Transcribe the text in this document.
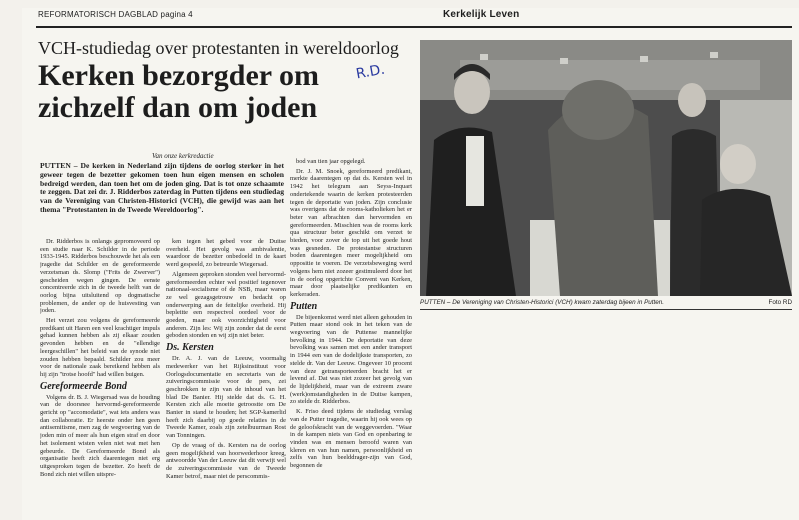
REFORMATORISCH DAGBLAD pagina 4	Kerkelijk Leven
VCH-studiedag over protestanten in wereldoorlog
Kerken bezorgder om
zichzelf dan om joden
R.D.
Van onze kerkredactie
PUTTEN – De kerken in Nederland zijn tijdens de oorlog sterker in het geweer tegen de bezetter gekomen toen hun eigen mensen en scholen bedreigd werden, dan toen het om de joden ging. Dat is tot onze schaamte te zeggen. Dat zei dr. J. Ridderbos zaterdag in Putten tijdens een studiedag van de Vereniging van Christen-Historici (VCH), die gewijd was aan het thema "Protestanten in de Tweede Wereldoorlog".

Dr. Ridderbos is onlangs gepromoveerd op een studie naar K. Schilder in de periode 1933-1945. Ridderbos beschouwde het als een jragedie dat Schilder en de gereformeerde verzetsman ds. Slomp ("Frits de Zwerver") gescheiden wegen gingen. De eenste concentreerde zich in de tweede helft van de oorlog bijna uitsluitend op dogmatische problemen, de ander op de huisvesting van joden.

Het verzet zou volgens de gereformeerde predikant uit Haren een veel krachtiger impuls gehad kunnen hebben als zij elkaar zouden gevonden hebben en de "ellendige leergeschillen" het beleid van de synode niet zouden hebben bepaald. Schilder zou meer voor de nationale zaak bereikend hebben als hij zijn "trotse hoofd" had willen buigen.

Gereformeerde Bond

Volgens dr. B. J. Wiegersad was de houding van de doorsnee hervormd-gereformeerde gericht op "accomodatie", wat iets anders was dan collaboratie. Er heerste onder hen geen antisemitisme, men zag de wegvoering van de joden min of meer als hun eigen straf en door het isolement wisten velen niet wat met hen gebeurde. De Gereformeerde Bond als organisatie heeft zich daarentegen niet erg uitgesproken tegen de bezetter. Zo heeft de Bond zich niet willen uitspre-

ken tegen het gebed voor de Duitse overheid. Het gevolg was ambivalentie, waardoor de bezetter onbedoeld in de kaart werd gespeeld, zo betreurde Wiegersad.

Algemeen geproken stonden veel hervormd-gereformeerden echter wel positief tegenover nationaal-socialisme of de NSB, maar waren ze wel gezagsgetrouw en bedacht op onderwerping aan de feitelijke overheid. Hij bepleitte een respectvol oordeel voor de goeden, maar ook voorzichtigheid voor anderen. Zijn les: Wij zijn zonder dat de eerst geboden stonden en wij zijn niet beter.

Ds. Kersten

Dr. A. J. van de Leeuw, voormalig medewerker van het Rijksinstituut voor Oorlogsdocumentatie en secretaris van de zuiveringscommissie voor de pers, zei geschrokken te zijn van de inhoud van het blad De Banier. Hij stelde dat ds. G. H. Kersten zich alle moeite getroostte om De Banier in stand te houden; het SGP-kamerlid heeft zich daarbij op goede relaties in de Tweede Kamer, zoals zijn zetelbuurman Rost van Tonningen.

Op de vraag of ds. Kersten na de oorlog geen mogelijkheid van hoorwederhoor kreeg, antwoordde Van der Leeuw dat dit verwijt wel de zuiveringscommissie van de Tweede Kamer betrof, maar niet de perscommis-

bod van tien jaar opgelegd.

Dr. J. M. Snoek, gereformeerd predikant, merkte daarentegen op dat ds. Kersten wel in 1942 het telegram aan Seyss-Inquart ondertekende waarin de kerken protesteerden tegen de deportatie van joden. Zijn conclusie was overigens dat de rooms-katholieken het er beter van afbrachten dan hervormden en gereformeerden. Misschien was de rooms kerk qua structuur beter geschikt om verzet te bieden, voor zover de top uit het goede hout was gesneden. De protestantse structuren boden daarentegen meer mogelijkheid om oppositie te voeren. De verzetsbeweging werd volgens hem niet zozeer gestimuleerd door het in de oorlog opgerichte Convent van Kerken, maar door plaatselijke predikanten en kerkeraden.

Putten

De bijeenkomst werd niet alleen gehouden in Putten maar stond ook in het teken van de wegvoering van de Puttense mannelijke bevolking in 1944. De deportatie van deze bevolking was samen met een ander transport in 1944 een van de dodelijkste transporten, zo stelde dr. Van der Leeuw. Ongeveer 10 procent van deze getransporteerden bracht het er levend af. Dat was niet zozeer het gevolg van de lijdelijkheid, maar van de extreem zware (werk)omstandigheden in de Duitse kampen, zo stelde dr. Ridderbos.

K. Friso deed tijdens de studiedag verslag van de Putter tragedie, waarin hij ook wees op de geloofskracht van de weggevoerden. "Waar in de kampen niets van God en openbaring te vinden was en mensen beroofd waren van kleren en van hun namen, persoonlijkheid en zelfs van hun beelddrager-zijn van God, begonnen de

PUTTEN – De Vereniging van Christen-Historici (VCH) kwam zaterdag bijeen in Putten.	Foto RD
